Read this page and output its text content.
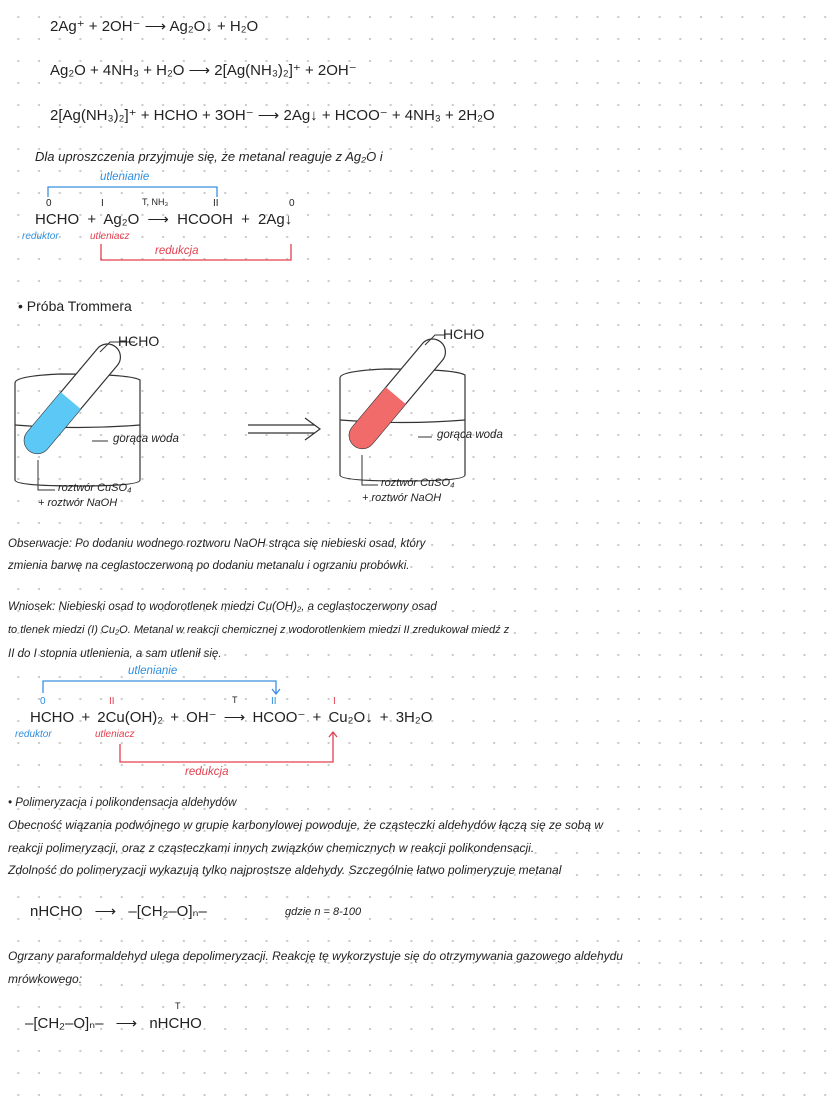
2Ag⁺ + 2OH⁻ ⟶ Ag₂O↓ + H₂O
Ag₂O + 4NH₃ + H₂O ⟶ 2[Ag(NH₃)₂]⁺ + 2OH⁻
2[Ag(NH₃)₂]⁺ + HCHO + 3OH⁻ ⟶ 2Ag↓ + HCOO⁻ + 4NH₃ + 2H₂O
Dla uproszczenia przyjmuje się, że metanal reaguje z Ag₂O i
utlenianie
0	I	II	0
T, NH₃
HCHO + Ag₂O ⟶ HCOOH + 2Ag↓
reduktor	utleniacz
redukcja
• Próba Trommera
HCHO	HCHO
gorąca woda	gorąca woda
roztwór CuSO₄
+ roztwór NaOH
roztwór CuSO₄
+ roztwór NaOH
Obserwacje: Po dodaniu wodnego roztworu NaOH strąca się niebieski osad, który
zmienia barwę na ceglastoczerwoną po dodaniu metanalu i ogrzaniu probówki.
Wniosek: Niebieski osad to wodorotlenek miedzi Cu(OH)₂, a ceglastoczerwony osad
to tlenek miedzi (I) Cu₂O. Metanal w reakcji chemicznej z wodorotlenkiem miedzi II zredukował miedź z
II do I stopnia utlenienia, a sam utlenił się.
utlenianie
0	II	II	I
T
HCHO + 2Cu(OH)₂ + OH⁻ ⟶ HCOO⁻ + Cu₂O↓ + 3H₂O
reduktor	utleniacz
redukcja
• Polimeryzacja i polikondensacja aldehydów
Obecność wiązania podwójnego w grupie karbonylowej powoduje, że cząsteczki aldehydów łączą się ze sobą w
reakcji polimeryzacji, oraz z cząsteczkami innych związków chemicznych w reakcji polikondensacji.
Zdolność do polimeryzacji wykazują tylko najprostsze aldehydy. Szczególnie łatwo polimeryzuje metanal
nHCHO ⟶ ‒[CH₂‒O]ₙ‒	gdzie n = 8-100
Ogrzany paraformaldehyd ulega depolimeryzacji. Reakcję tę wykorzystuje się do otrzymywania gazowego aldehydu
mrówkowego:
T
‒[CH₂‒O]ₙ‒ ⟶ nHCHO
